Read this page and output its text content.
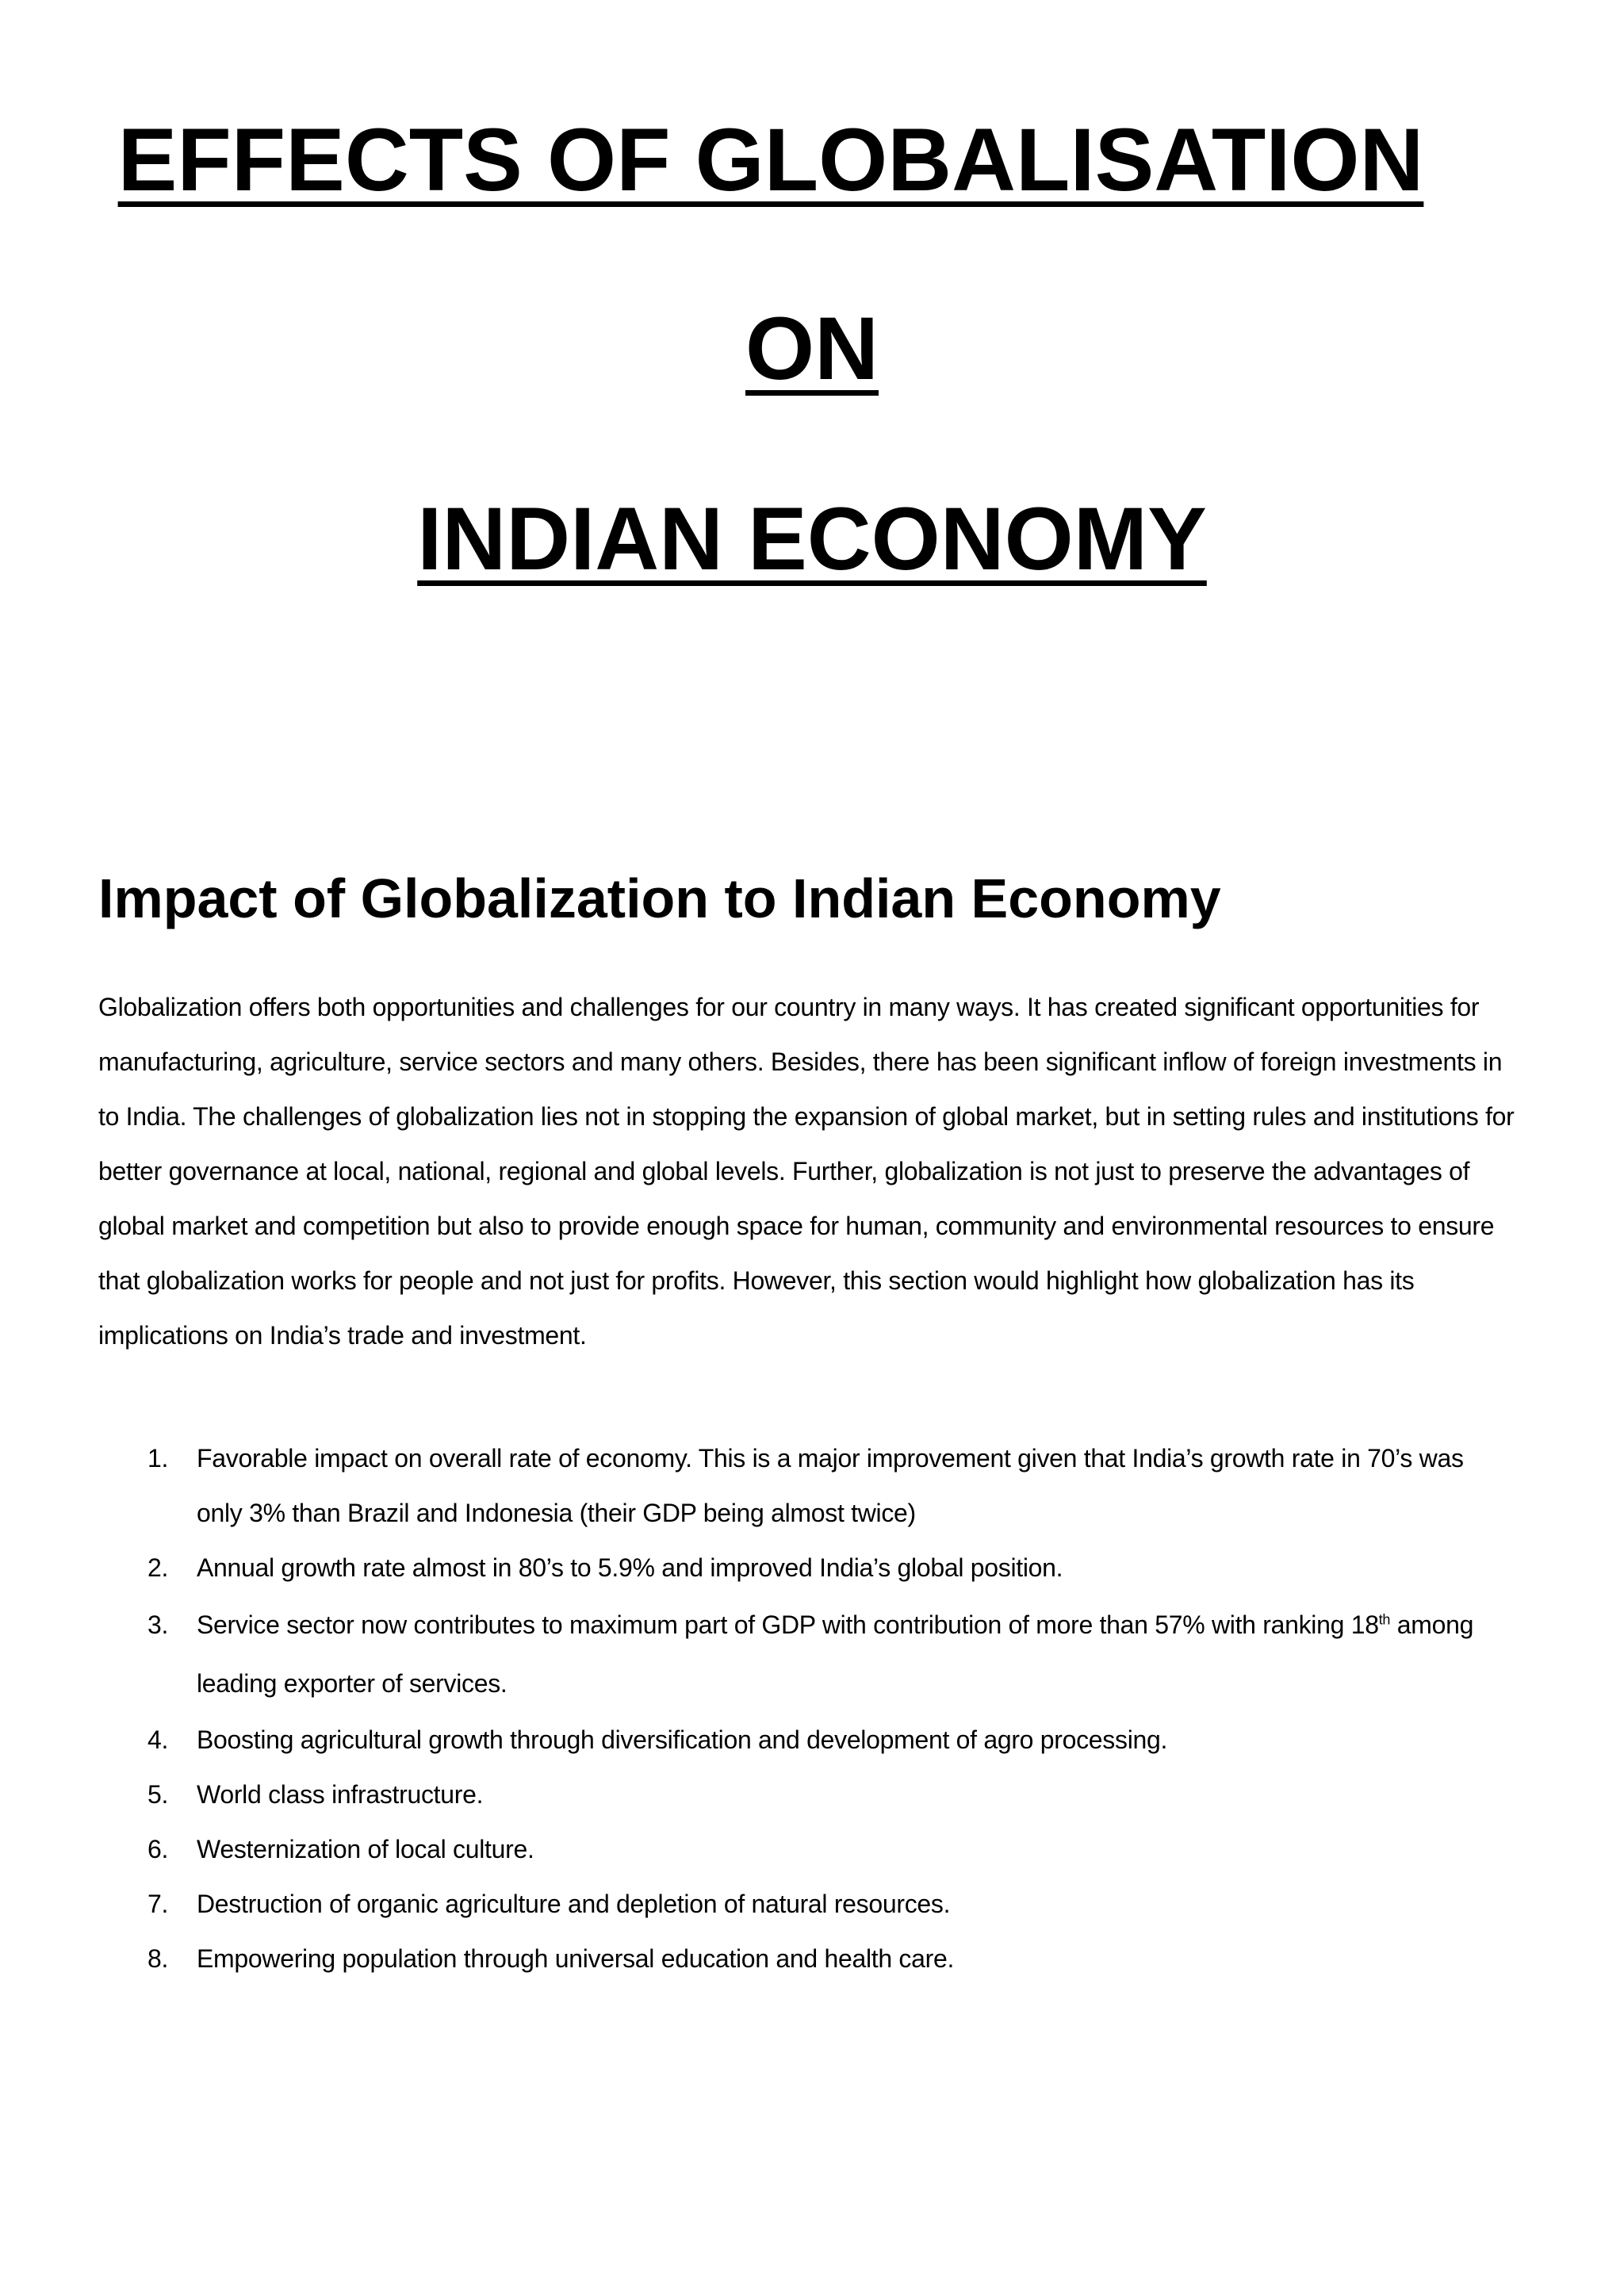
EFFECTS OF GLOBALISATION
ON
INDIAN ECONOMY
Impact of Globalization to Indian Economy

Globalization offers both opportunities and challenges for our country in many ways. It has created significant opportunities for manufacturing, agriculture, service sectors and many others. Besides, there has been significant inflow of foreign investments in to India. The challenges of globalization lies not in stopping the expansion of global market, but in setting rules and institutions for better governance at local, national, regional and global levels. Further, globalization is not just to preserve the advantages of global market and competition but also to provide enough space for human, community and environmental resources to ensure that globalization works for people and not just for profits. However, this section would highlight how globalization has its implications on India’s trade and investment.

1. Favorable impact on overall rate of economy. This is a major improvement given that India’s growth rate in 70’s was only 3% than Brazil and Indonesia (their GDP being almost twice)
2. Annual growth rate almost in 80’s to 5.9% and improved India’s global position.
3. Service sector now contributes to maximum part of GDP with contribution of more than 57% with ranking 18th among leading exporter of services.
4. Boosting agricultural growth through diversification and development of agro processing.
5. World class infrastructure.
6. Westernization of local culture.
7. Destruction of organic agriculture and depletion of natural resources.
8. Empowering population through universal education and health care.
